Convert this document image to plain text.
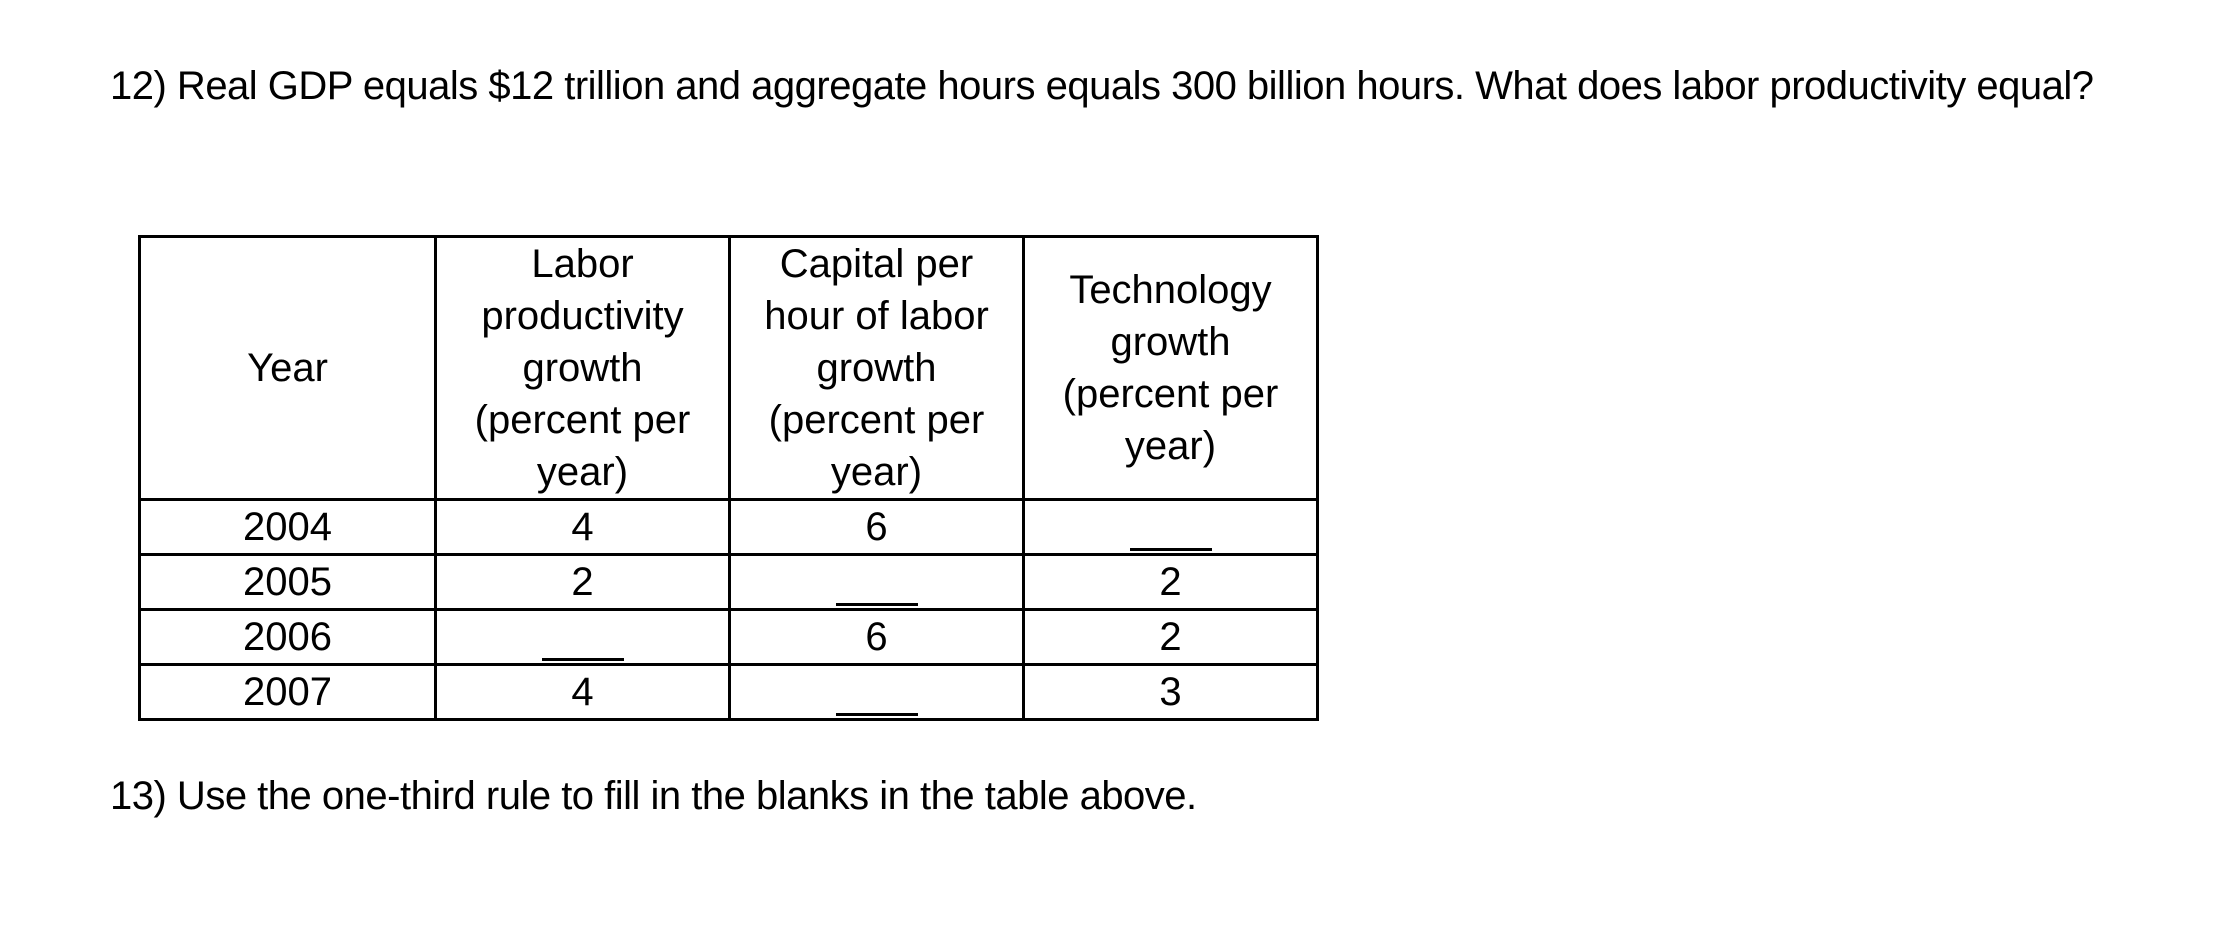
12) Real GDP equals $12 trillion and aggregate hours equals 300 billion hours. What does labor productivity equal?

Year	Labor
productivity
growth
(percent per
year)	Capital per
hour of labor
growth
(percent per
year)	Technology
growth
(percent per
year)

2004	4	6	
2005	2		2
2006		6	2
2007	4		3

13) Use the one-third rule to fill in the blanks in the table above.
